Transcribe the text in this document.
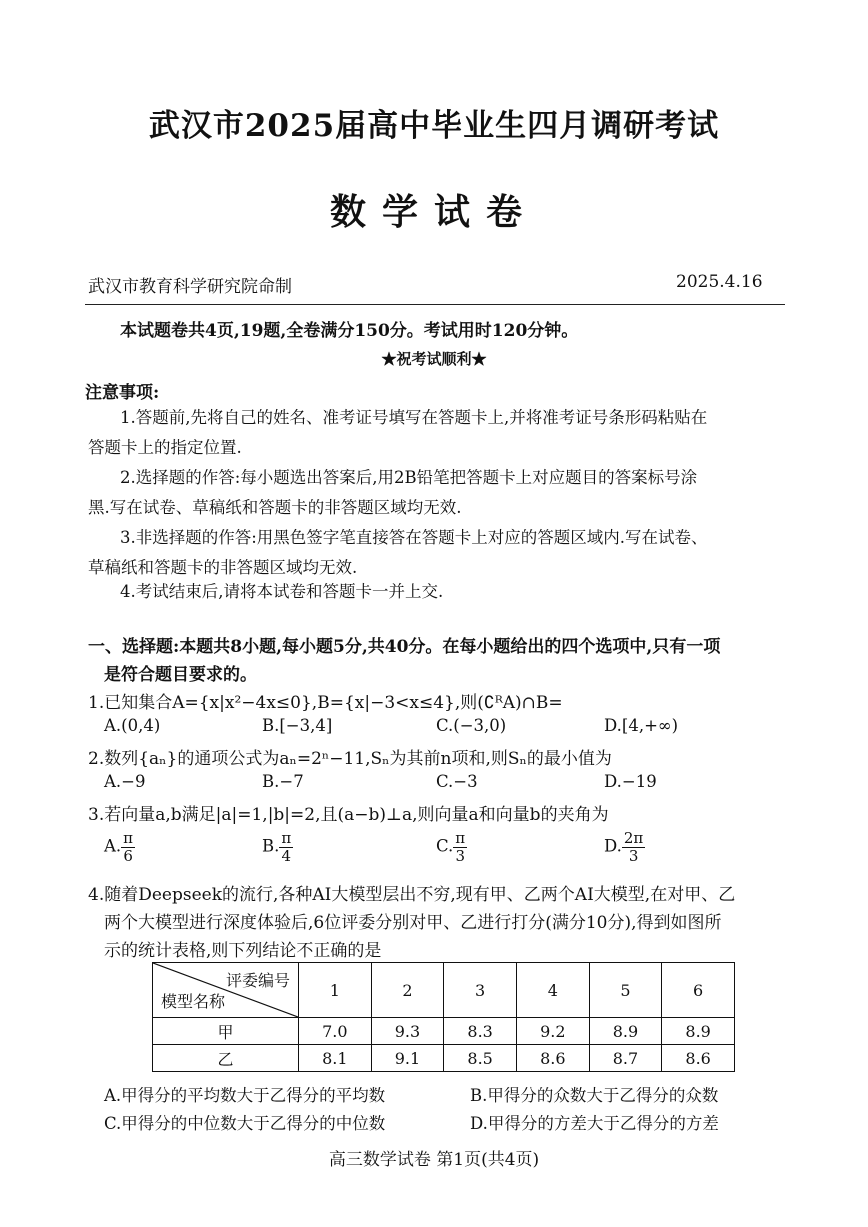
武汉市2025届高中毕业生四月调研考试
数学试卷
武汉市教育科学研究院命制	2025.4.16
本试题卷共4页,19题,全卷满分150分。考试用时120分钟。
★祝考试顺利★
注意事项:
1.答题前,先将自己的姓名、准考证号填写在答题卡上,并将准考证号条形码粘贴在
答题卡上的指定位置.
2.选择题的作答:每小题选出答案后,用2B铅笔把答题卡上对应题目的答案标号涂
黑.写在试卷、草稿纸和答题卡的非答题区域均无效.
3.非选择题的作答:用黑色签字笔直接答在答题卡上对应的答题区域内.写在试卷、
草稿纸和答题卡的非答题区域均无效.
4.考试结束后,请将本试卷和答题卡一并上交.
一、选择题:本题共8小题,每小题5分,共40分。在每小题给出的四个选项中,只有一项
是符合题目要求的。
1.已知集合A={x|x²−4x≤0},B={x|−3<x≤4},则(∁ᴿA)∩B=
A.(0,4)	B.[−3,4]	C.(−3,0)	D.[4,+∞)
2.数列{aₙ}的通项公式为aₙ=2ⁿ−11,Sₙ为其前n项和,则Sₙ的最小值为
A.−9	B.−7	C.−3	D.−19
3.若向量a,b满足|a|=1,|b|=2,且(a−b)⊥a,则向量a和向量b的夹角为
A. $\frac{\pi}{6}$	B. $\frac{\pi}{4}$	C. $\frac{\pi}{3}$	D. $\frac{2\pi}{3}$
4.随着Deepseek的流行,各种AI大模型层出不穷,现有甲、乙两个AI大模型,在对甲、乙
两个大模型进行深度体验后,6位评委分别对甲、乙进行打分(满分10分),得到如图所
示的统计表格,则下列结论不正确的是
评委编号
模型名称	1	2	3	4	5	6
甲	7.0	9.3	8.3	9.2	8.9	8.9
乙	8.1	9.1	8.5	8.6	8.7	8.6
A.甲得分的平均数大于乙得分的平均数	B.甲得分的众数大于乙得分的众数
C.甲得分的中位数大于乙得分的中位数	D.甲得分的方差大于乙得分的方差
高三数学试卷 第1页(共4页)
